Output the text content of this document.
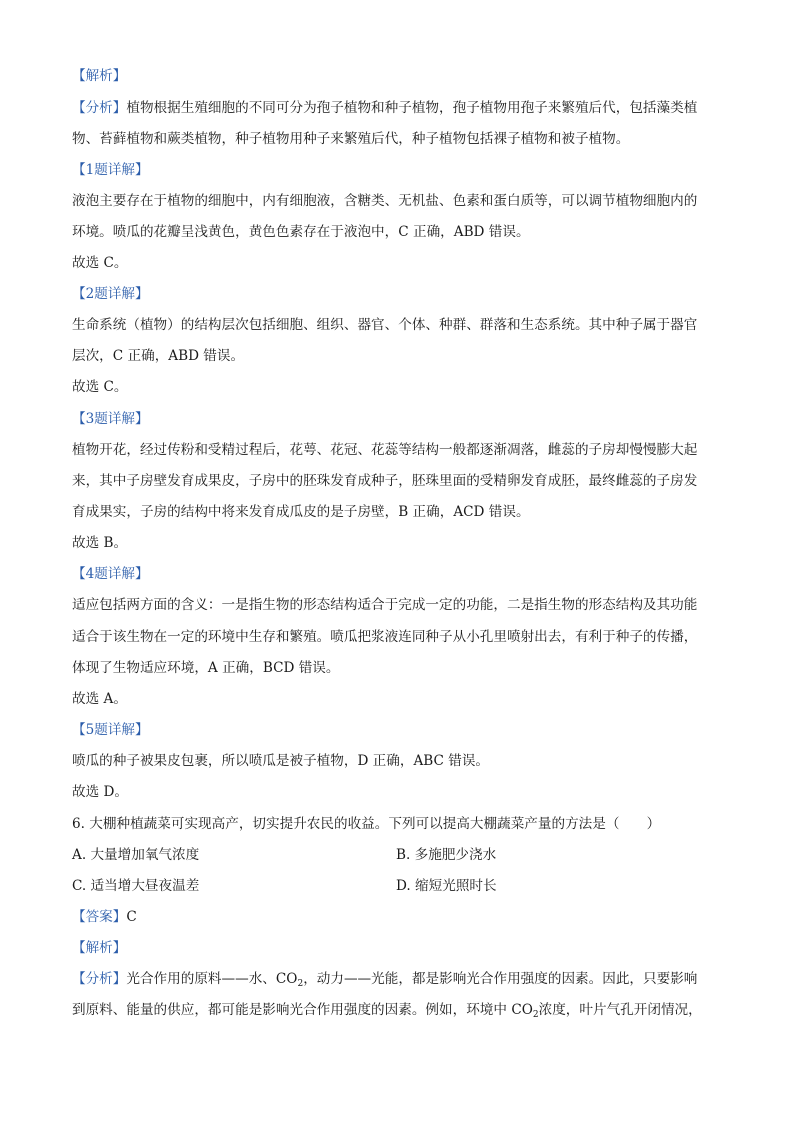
【解析】
【分析】植物根据生殖细胞的不同可分为孢子植物和种子植物，孢子植物用孢子来繁殖后代，包括藻类植
物、苔藓植物和蕨类植物，种子植物用种子来繁殖后代，种子植物包括裸子植物和被子植物。
【1题详解】
液泡主要存在于植物的细胞中，内有细胞液，含糖类、无机盐、色素和蛋白质等，可以调节植物细胞内的
环境。喷瓜的花瓣呈浅黄色，黄色色素存在于液泡中，C 正确，ABD 错误。
故选 C。
【2题详解】
生命系统（植物）的结构层次包括细胞、组织、器官、个体、种群、群落和生态系统。其中种子属于器官
层次，C 正确，ABD 错误。
故选 C。
【3题详解】
植物开花，经过传粉和受精过程后，花萼、花冠、花蕊等结构一般都逐渐凋落，雌蕊的子房却慢慢膨大起
来，其中子房壁发育成果皮，子房中的胚珠发育成种子，胚珠里面的受精卵发育成胚，最终雌蕊的子房发
育成果实，子房的结构中将来发育成瓜皮的是子房壁，B 正确，ACD 错误。
故选 B。
【4题详解】
适应包括两方面的含义：一是指生物的形态结构适合于完成一定的功能，二是指生物的形态结构及其功能
适合于该生物在一定的环境中生存和繁殖。喷瓜把浆液连同种子从小孔里喷射出去，有利于种子的传播，
体现了生物适应环境，A 正确，BCD 错误。
故选 A。
【5题详解】
喷瓜的种子被果皮包裹，所以喷瓜是被子植物，D 正确，ABC 错误。
故选 D。
6. 大棚种植蔬菜可实现高产，切实提升农民的收益。下列可以提高大棚蔬菜产量的方法是（　　）
A. 大量增加氧气浓度	B. 多施肥少浇水
C. 适当增大昼夜温差	D. 缩短光照时长
【答案】C
【解析】
【分析】光合作用的原料——水、$CO_2$，动力——光能，都是影响光合作用强度的因素。因此，只要影响
到原料、能量的供应，都可能是影响光合作用强度的因素。例如，环境中 $CO_2$浓度，叶片气孔开闭情况，
